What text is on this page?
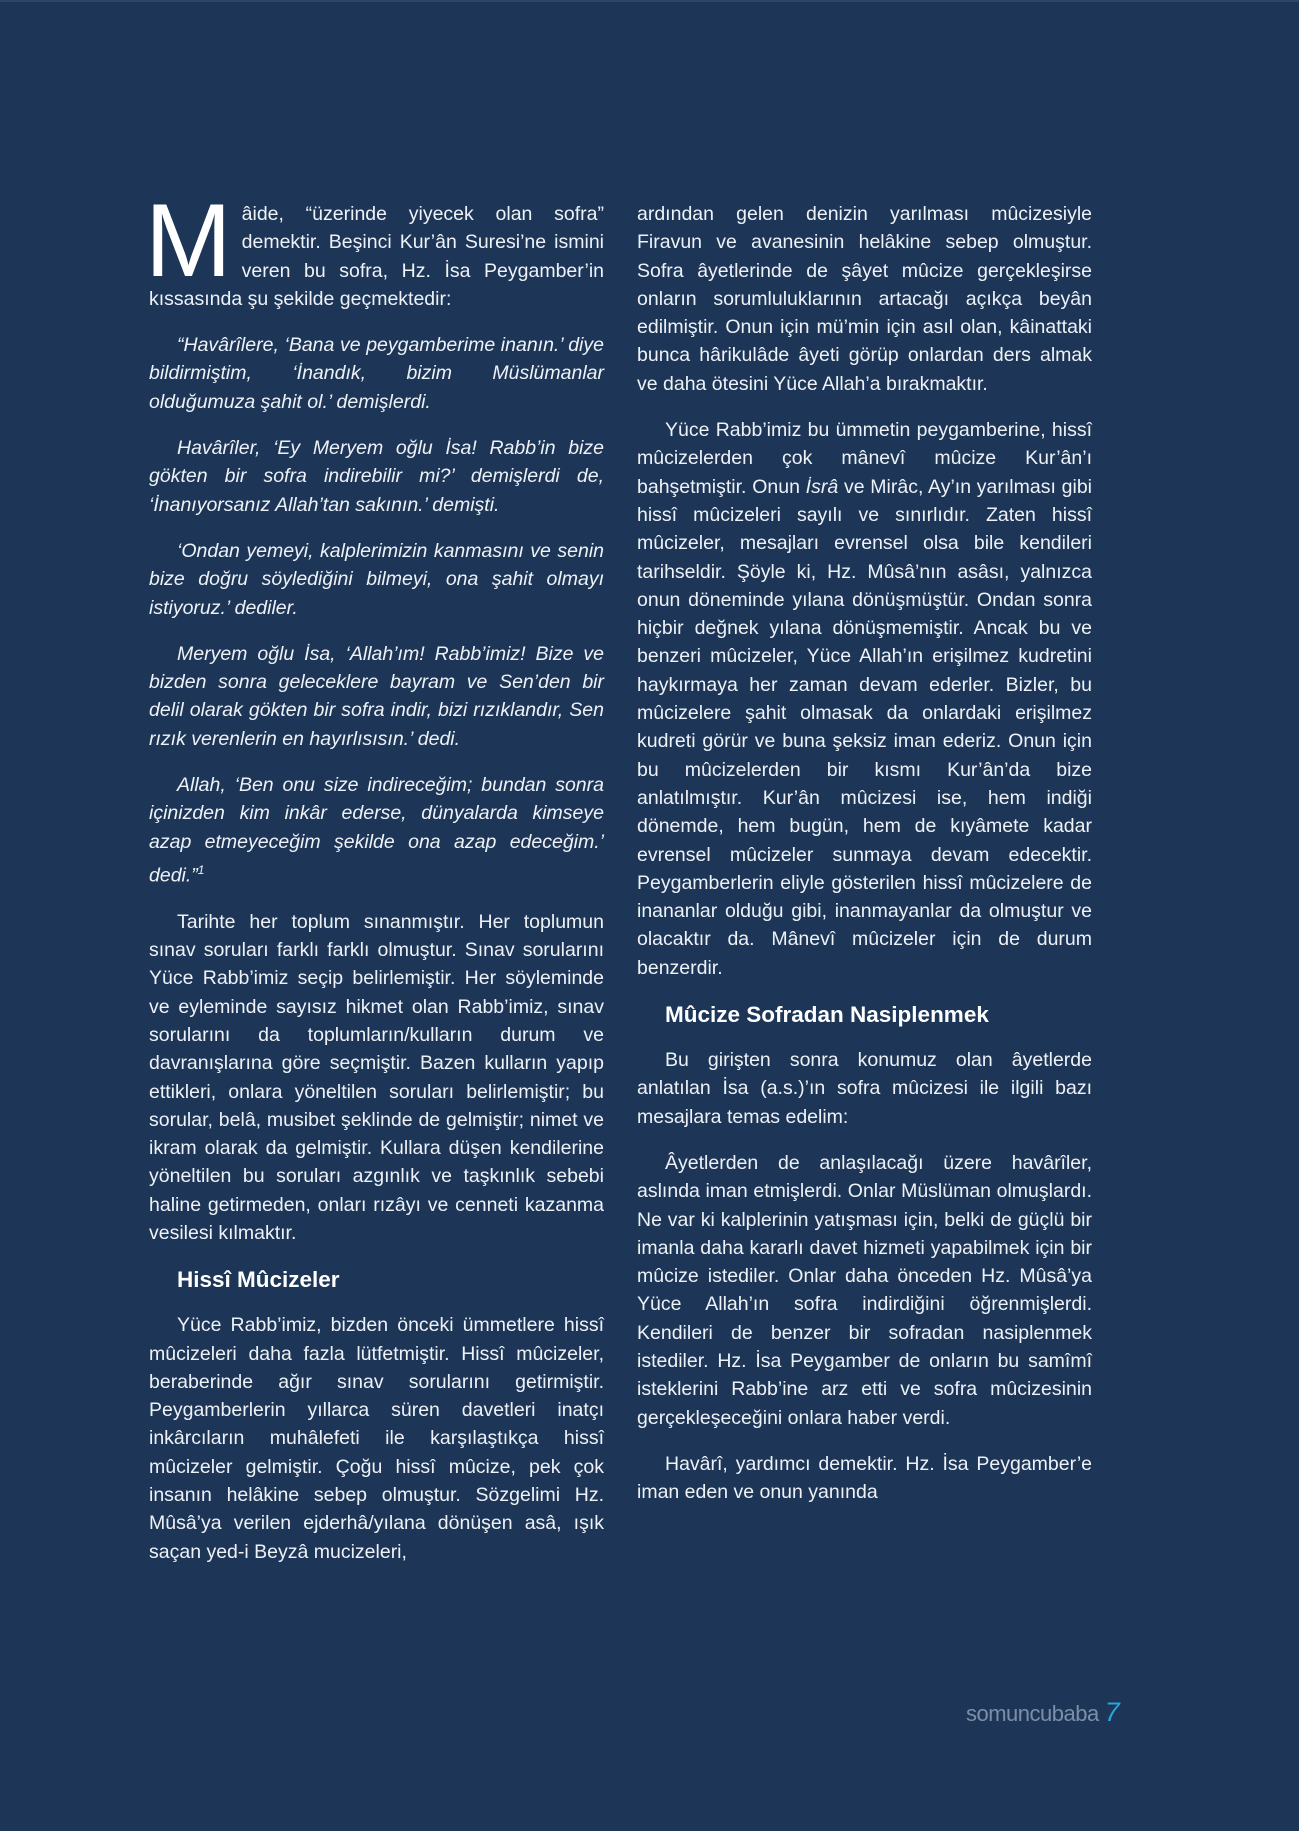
Mâide, “üzerinde yiyecek olan sofra” demektir. Beşinci Kur’ân Suresi’ne ismini veren bu sofra, Hz. İsa Peygamber’in kıssasında şu şekilde geçmektedir:

“Havârîlere, ‘Bana ve peygamberime inanın.’ diye bildirmiştim, ‘İnandık, bizim Müslümanlar olduğumuza şahit ol.’ demişlerdi.

Havârîler, ‘Ey Meryem oğlu İsa! Rabb’in bize gökten bir sofra indirebilir mi?’ demişlerdi de, ‘İnanıyorsanız Allah’tan sakının.’ demişti.

‘Ondan yemeyi, kalplerimizin kanmasını ve senin bize doğru söylediğini bilmeyi, ona şahit olmayı istiyoruz.’ dediler.

Meryem oğlu İsa, ‘Allah’ım! Rabb’imiz! Bize ve bizden sonra geleceklere bayram ve Sen’den bir delil olarak gökten bir sofra indir, bizi rızıklandır, Sen rızık verenlerin en hayırlısısın.’ dedi.

Allah, ‘Ben onu size indireceğim; bundan sonra içinizden kim inkâr ederse, dünyalarda kimseye azap etmeyeceğim şekilde ona azap edeceğim.’ dedi.”$^1$

Tarihte her toplum sınanmıştır. Her toplumun sınav soruları farklı farklı olmuştur. Sınav sorularını Yüce Rabb’imiz seçip belirlemiştir. Her söyleminde ve eyleminde sayısız hikmet olan Rabb’imiz, sınav sorularını da toplumların/kulların durum ve davranışlarına göre seçmiştir. Bazen kulların yapıp ettikleri, onlara yöneltilen soruları belirlemiştir; bu sorular, belâ, musibet şeklinde de gelmiştir; nimet ve ikram olarak da gelmiştir. Kullara düşen kendilerine yöneltilen bu soruları azgınlık ve taşkınlık sebebi haline getirmeden, onları rızâyı ve cenneti kazanma vesilesi kılmaktır.

Hissî Mûcizeler

Yüce Rabb’imiz, bizden önceki ümmetlere hissî mûcizeleri daha fazla lütfetmiştir. Hissî mûcizeler, beraberinde ağır sınav sorularını getirmiştir. Peygamberlerin yıllarca süren davetleri inatçı inkârcıların muhâlefeti ile karşılaştıkça hissî mûcizeler gelmiştir. Çoğu hissî mûcize, pek çok insanın helâkine sebep olmuştur. Sözgelimi Hz. Mûsâ’ya verilen ejderhâ/yılana dönüşen asâ, ışık saçan yed-i Beyzâ mucizeleri,

ardından gelen denizin yarılması mûcizesiyle Firavun ve avanesinin helâkine sebep olmuştur. Sofra âyetlerinde de şâyet mûcize gerçekleşirse onların sorumluluklarının artacağı açıkça beyân edilmiştir. Onun için mü’min için asıl olan, kâinattaki bunca hârikulâde âyeti görüp onlardan ders almak ve daha ötesini Yüce Allah’a bırakmaktır.

Yüce Rabb’imiz bu ümmetin peygamberine, hissî mûcizelerden çok mânevî mûcize Kur’ân’ı bahşetmiştir. Onun İsrâ ve Mirâc, Ay’ın yarılması gibi hissî mûcizeleri sayılı ve sınırlıdır. Zaten hissî mûcizeler, mesajları evrensel olsa bile kendileri tarihseldir. Şöyle ki, Hz. Mûsâ’nın asâsı, yalnızca onun döneminde yılana dönüşmüştür. Ondan sonra hiçbir değnek yılana dönüşmemiştir. Ancak bu ve benzeri mûcizeler, Yüce Allah’ın erişilmez kudretini haykırmaya her zaman devam ederler. Bizler, bu mûcizelere şahit olmasak da onlardaki erişilmez kudreti görür ve buna şeksiz iman ederiz. Onun için bu mûcizelerden bir kısmı Kur’ân’da bize anlatılmıştır. Kur’ân mûcizesi ise, hem indiği dönemde, hem bugün, hem de kıyâmete kadar evrensel mûcizeler sunmaya devam edecektir. Peygamberlerin eliyle gösterilen hissî mûcizelere de inananlar olduğu gibi, inanmayanlar da olmuştur ve olacaktır da. Mânevî mûcizeler için de durum benzerdir.

Mûcize Sofradan Nasiplenmek

Bu girişten sonra konumuz olan âyetlerde anlatılan İsa (a.s.)’ın sofra mûcizesi ile ilgili bazı mesajlara temas edelim:

Âyetlerden de anlaşılacağı üzere havârîler, aslında iman etmişlerdi. Onlar Müslüman olmuşlardı. Ne var ki kalplerinin yatışması için, belki de güçlü bir imanla daha kararlı davet hizmeti yapabilmek için bir mûcize istediler. Onlar daha önceden Hz. Mûsâ’ya Yüce Allah’ın sofra indirdiğini öğrenmişlerdi. Kendileri de benzer bir sofradan nasiplenmek istediler. Hz. İsa Peygamber de onların bu samîmî isteklerini Rabb’ine arz etti ve sofra mûcizesinin gerçekleşeceğini onlara haber verdi.

Havârî, yardımcı demektir. Hz. İsa Peygamber’e iman eden ve onun yanında

somuncubaba 7
